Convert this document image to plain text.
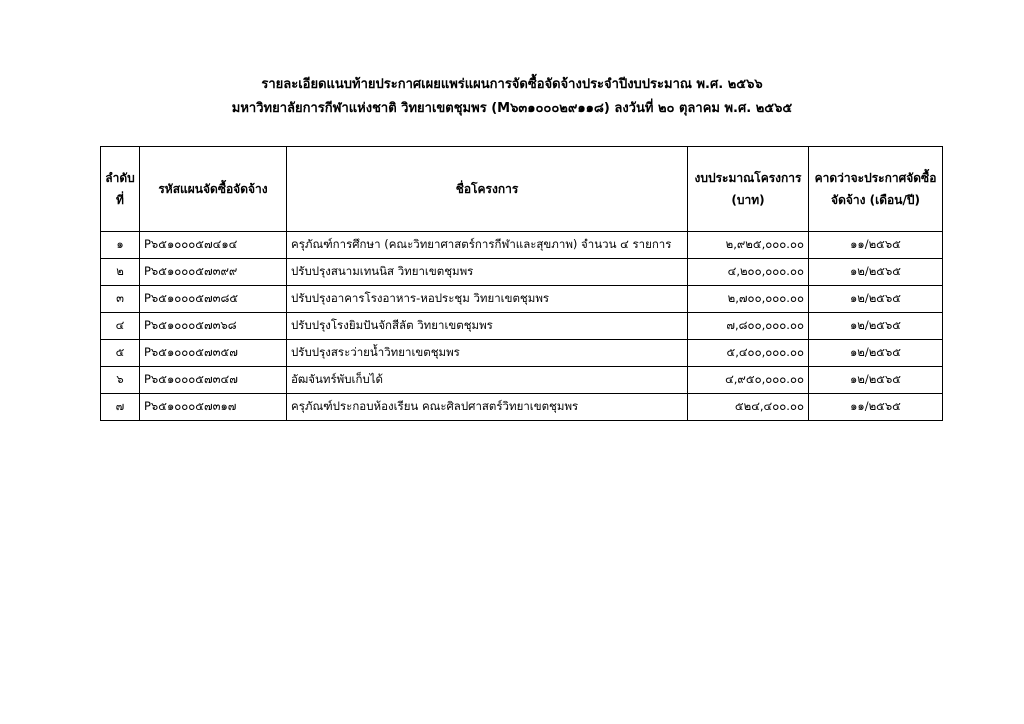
รายละเอียดแนบท้ายประกาศเผยแพร่แผนการจัดซื้อจัดจ้างประจำปีงบประมาณ พ.ศ. ๒๕๖๖
มหาวิทยาลัยการกีฬาแห่งชาติ วิทยาเขตชุมพร (M๖๓๑๐๐๐๒๙๑๑๘) ลงวันที่ ๒๐ ตุลาคม พ.ศ. ๒๕๖๕
ลำดับที่	รหัสแผนจัดซื้อจัดจ้าง	ชื่อโครงการ	งบประมาณโครงการ (บาท)	คาดว่าจะประกาศจัดซื้อจัดจ้าง (เดือน/ปี)
๑	P๖๕๑๐๐๐๕๗๔๑๔	ครุภัณฑ์การศึกษา (คณะวิทยาศาสตร์การกีฬาและสุขภาพ) จำนวน ๔ รายการ	๒,๙๒๕,๐๐๐.๐๐	๑๑/๒๕๖๕
๒	P๖๕๑๐๐๐๕๗๓๙๙	ปรับปรุงสนามเทนนิส วิทยาเขตชุมพร	๔,๒๐๐,๐๐๐.๐๐	๑๒/๒๕๖๕
๓	P๖๕๑๐๐๐๕๗๓๘๕	ปรับปรุงอาคารโรงอาหาร-หอประชุม วิทยาเขตชุมพร	๒,๗๐๐,๐๐๐.๐๐	๑๒/๒๕๖๕
๔	P๖๕๑๐๐๐๕๗๓๖๘	ปรับปรุงโรงยิมปันจักสีลัต วิทยาเขตชุมพร	๗,๘๐๐,๐๐๐.๐๐	๑๒/๒๕๖๕
๕	P๖๕๑๐๐๐๕๗๓๕๗	ปรับปรุงสระว่ายน้ำวิทยาเขตชุมพร	๕,๔๐๐,๐๐๐.๐๐	๑๒/๒๕๖๕
๖	P๖๕๑๐๐๐๕๗๓๔๗	อัฒจันทร์พับเก็บได้	๔,๙๕๐,๐๐๐.๐๐	๑๒/๒๕๖๕
๗	P๖๕๑๐๐๐๕๗๓๑๗	ครุภัณฑ์ประกอบห้องเรียน คณะศิลปศาสตร์วิทยาเขตชุมพร	๕๒๔,๔๐๐.๐๐	๑๑/๒๕๖๕
